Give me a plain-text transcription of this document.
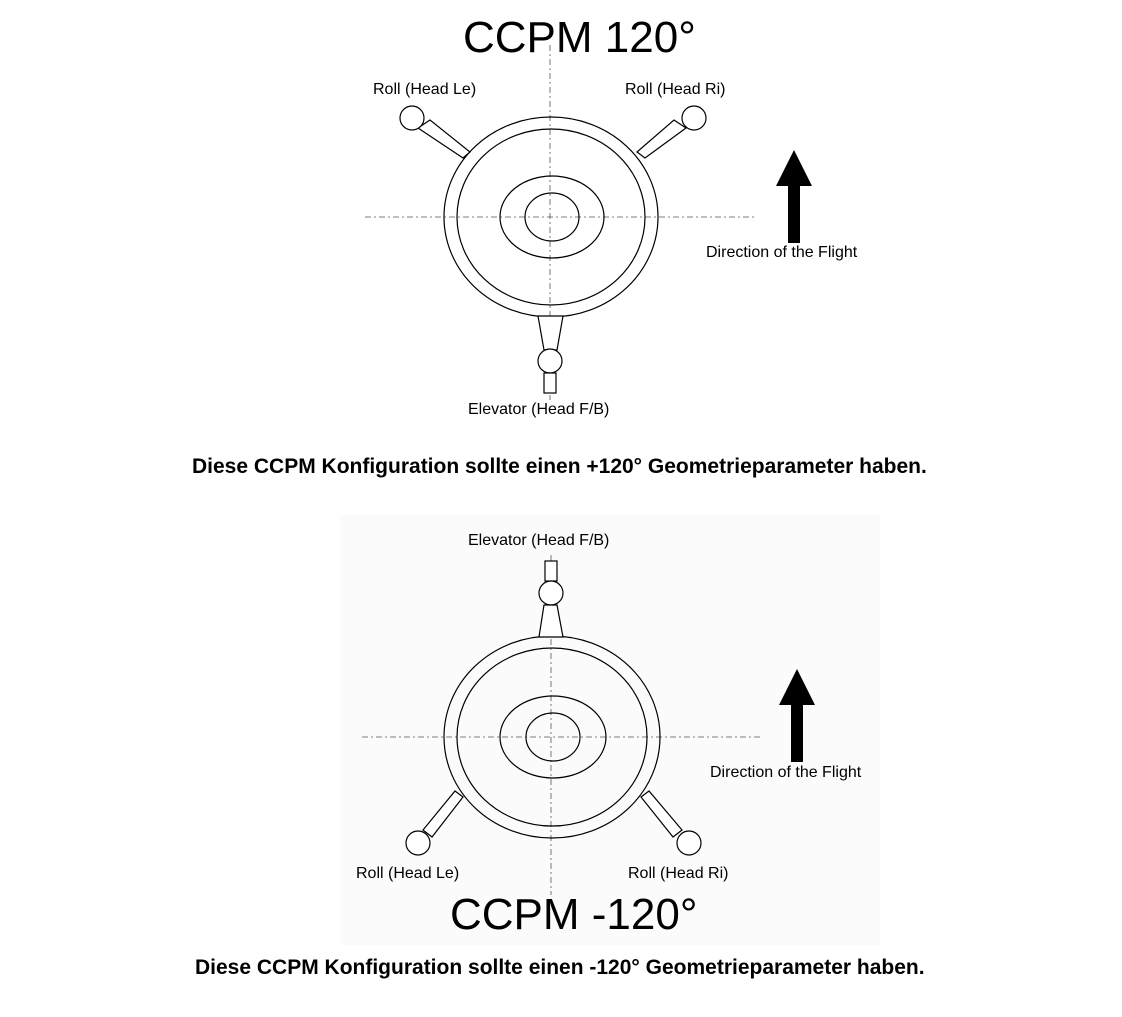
CCPM 120°
Roll (Head Le)	Roll (Head Ri)
Elevator (Head F/B)
Direction of the Flight
Diese CCPM Konfiguration sollte einen +120° Geometrieparameter haben.
Elevator (Head F/B)
Direction of the Flight
Roll (Head Le)	Roll (Head Ri)
CCPM -120°
Diese CCPM Konfiguration sollte einen -120° Geometrieparameter haben.
